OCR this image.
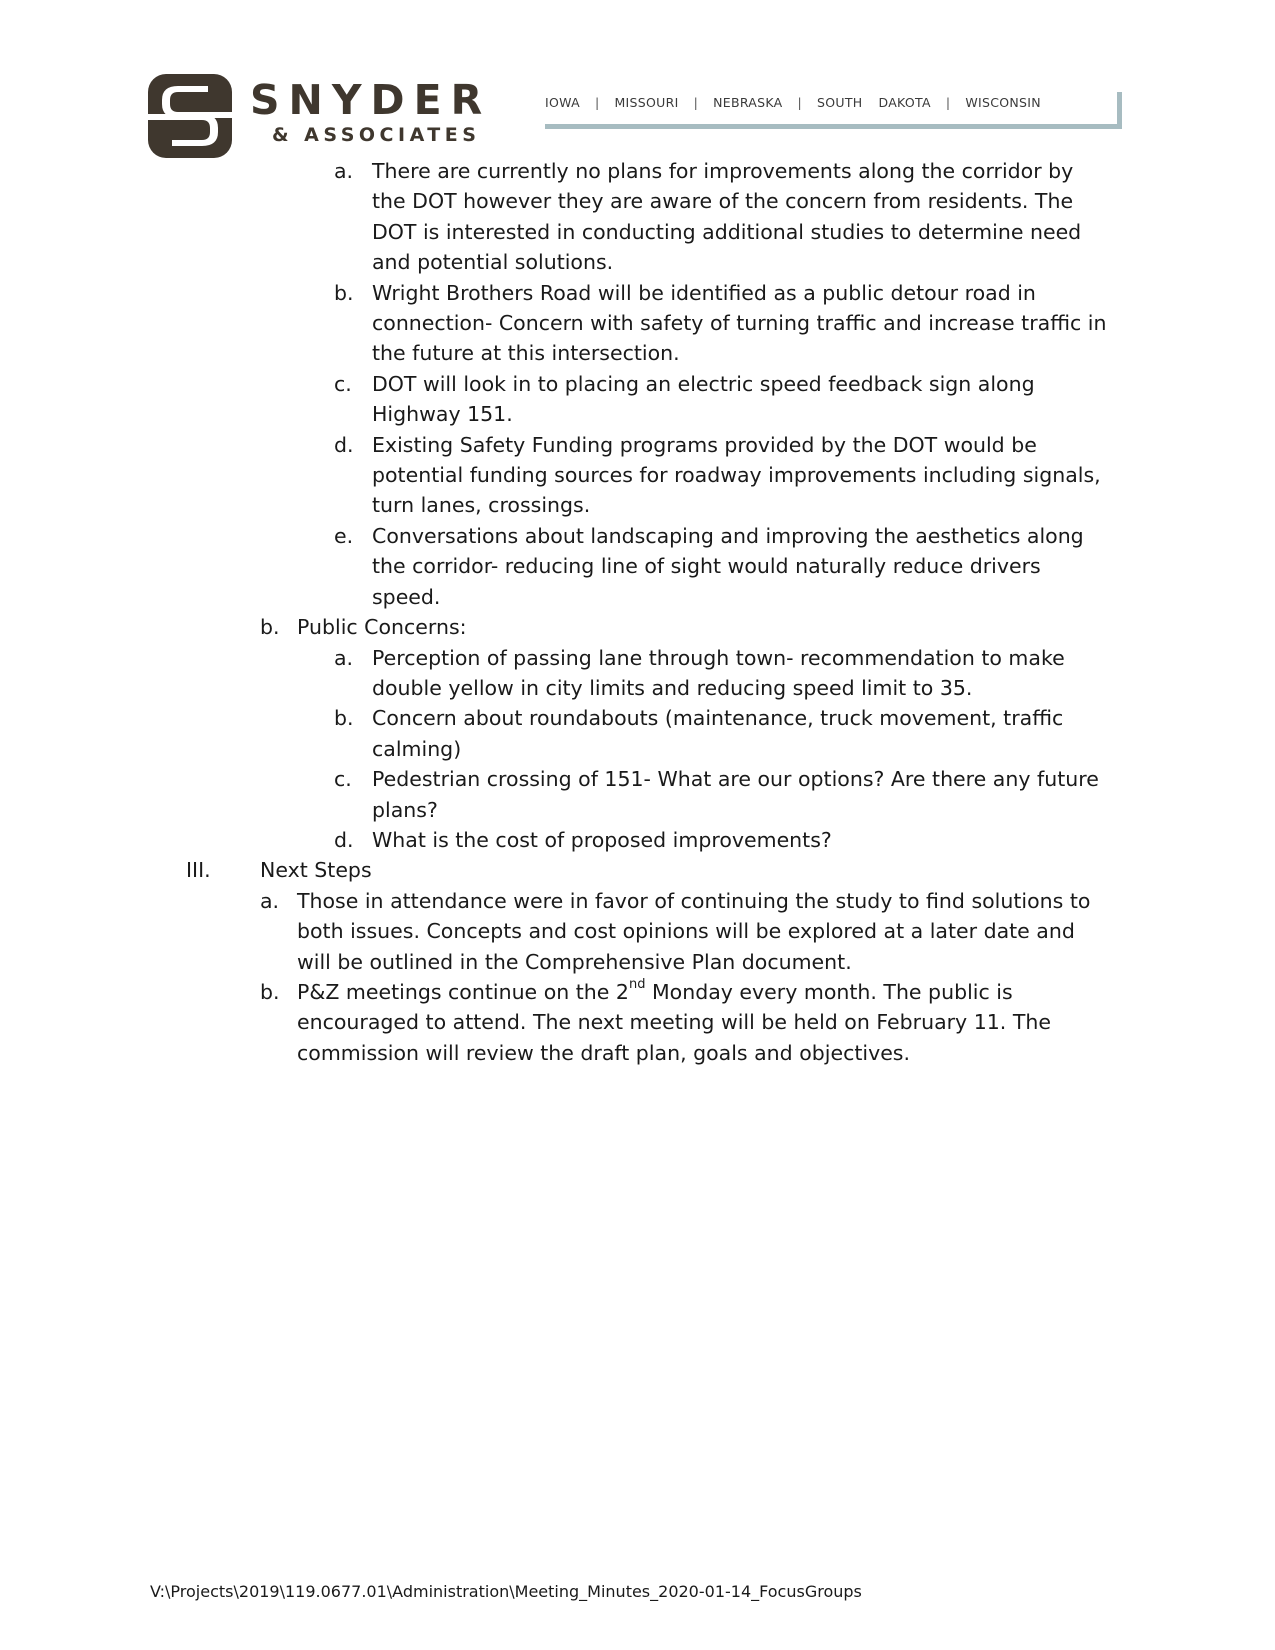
SNYDER
& ASSOCIATES
IOWA | MISSOURI | NEBRASKA | SOUTH DAKOTA | WISCONSIN
a. There are currently no plans for improvements along the corridor by the DOT however they are aware of the concern from residents. The DOT is interested in conducting additional studies to determine need and potential solutions.
b. Wright Brothers Road will be identified as a public detour road in connection- Concern with safety of turning traffic and increase traffic in the future at this intersection.
c. DOT will look in to placing an electric speed feedback sign along Highway 151.
d. Existing Safety Funding programs provided by the DOT would be potential funding sources for roadway improvements including signals, turn lanes, crossings.
e. Conversations about landscaping and improving the aesthetics along the corridor- reducing line of sight would naturally reduce drivers speed.
b. Public Concerns:
a. Perception of passing lane through town- recommendation to make double yellow in city limits and reducing speed limit to 35.
b. Concern about roundabouts (maintenance, truck movement, traffic calming)
c. Pedestrian crossing of 151- What are our options? Are there any future plans?
d. What is the cost of proposed improvements?
III. Next Steps
a. Those in attendance were in favor of continuing the study to find solutions to both issues. Concepts and cost opinions will be explored at a later date and will be outlined in the Comprehensive Plan document.
b. P&Z meetings continue on the 2nd Monday every month. The public is encouraged to attend. The next meeting will be held on February 11. The commission will review the draft plan, goals and objectives.
V:\Projects\2019\119.0677.01\Administration\Meeting_Minutes_2020-01-14_FocusGroups
